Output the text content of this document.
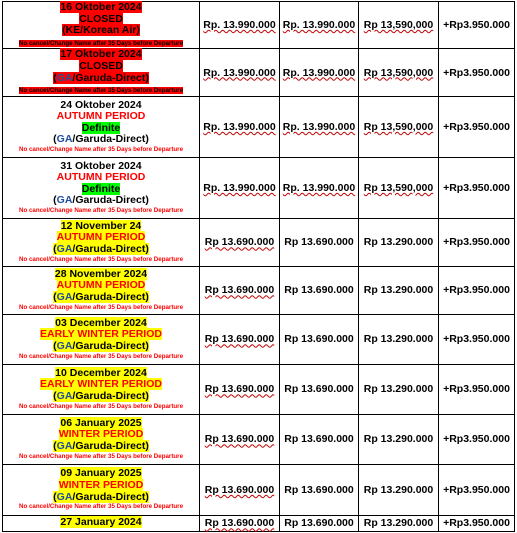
16 Oktober 2024
CLOSED
(KE/Korean Air)
No cancel/Change Name after 35 Days before Departure	Rp. 13.990.000	Rp. 13.990.000	Rp 13,590,000	+Rp3.950.000

17 Oktober 2024
CLOSED
(GA/Garuda-Direct)
No cancel/Change Name after 35 Days before Departure	Rp. 13.990.000	Rp. 13.990.000	Rp 13,590,000	+Rp3.950.000

24 Oktober 2024
AUTUMN PERIOD
Definite
(GA/Garuda-Direct)
No cancel/Change Name after 35 Days before Departure	Rp. 13.990.000	Rp. 13.990.000	Rp 13,590,000	+Rp3.950.000

31 Oktober 2024
AUTUMN PERIOD
Definite
(GA/Garuda-Direct)
No cancel/Change Name after 35 Days before Departure	Rp. 13.990.000	Rp. 13.990.000	Rp 13,590,000	+Rp3.950.000

12 November 24
AUTUMN PERIOD
(GA/Garuda-Direct)
No cancel/Change Name after 35 Days before Departure	Rp 13.690.000	Rp 13.690.000	Rp 13.290.000	+Rp3.950.000

28 November 2024
AUTUMN PERIOD
(GA/Garuda-Direct)
No cancel/Change Name after 35 Days before Departure	Rp 13.690.000	Rp 13.690.000	Rp 13.290.000	+Rp3.950.000

03 December 2024
EARLY WINTER PERIOD
(GA/Garuda-Direct)
No cancel/Change Name after 35 Days before Departure	Rp 13.690.000	Rp 13.690.000	Rp 13.290.000	+Rp3.950.000

10 December 2024
EARLY WINTER PERIOD
(GA/Garuda-Direct)
No cancel/Change Name after 35 Days before Departure	Rp 13.690.000	Rp 13.690.000	Rp 13.290.000	+Rp3.950.000

06 January 2025
WINTER PERIOD
(GA/Garuda-Direct)
No cancel/Change Name after 35 Days before Departure	Rp 13.690.000	Rp 13.690.000	Rp 13.290.000	+Rp3.950.000

09 January 2025
WINTER PERIOD
(GA/Garuda-Direct)
No cancel/Change Name after 35 Days before Departure	Rp 13.690.000	Rp 13.690.000	Rp 13.290.000	+Rp3.950.000

27 January 2024	Rp 13.690.000	Rp 13.690.000	Rp 13.290.000	+Rp3.950.000
